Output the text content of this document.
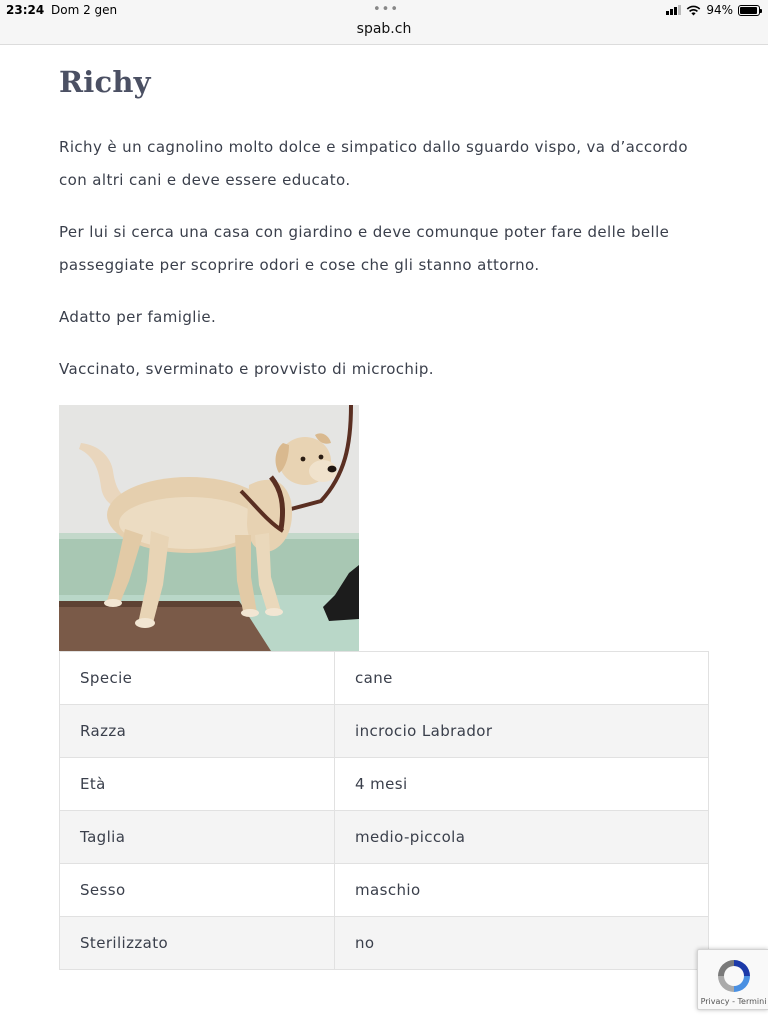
23:24 Dom 2 gen	•••
spab.ch
94%
Richy

Richy è un cagnolino molto dolce e simpatico dallo sguardo vispo, va d’accordo con altri cani e deve essere educato.

Per lui si cerca una casa con giardino e deve comunque poter fare delle belle passeggiate per scoprire odori e cose che gli stanno attorno.

Adatto per famiglie.

Vaccinato, sverminato e provvisto di microchip.

Specie	cane
Razza	incrocio Labrador
Età	4 mesi
Taglia	medio-piccola
Sesso	maschio
Sterilizzato	no
Privacy - Termini
